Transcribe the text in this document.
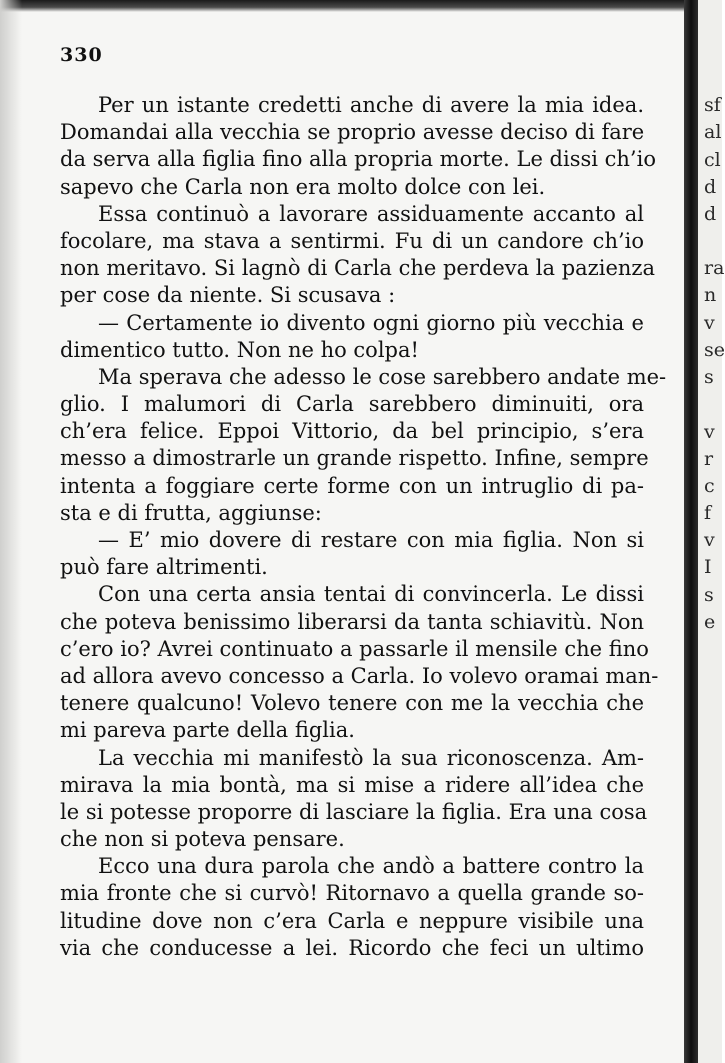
330
Per un istante credetti anche di avere la mia idea.
Domandai alla vecchia se proprio avesse deciso di fare
da serva alla figlia fino alla propria morte. Le dissi ch’io
sapevo che Carla non era molto dolce con lei.
Essa continuò a lavorare assiduamente accanto al
focolare, ma stava a sentirmi. Fu di un candore ch’io
non meritavo. Si lagnò di Carla che perdeva la pazienza
per cose da niente. Si scusava :
— Certamente io divento ogni giorno più vecchia e
dimentico tutto. Non ne ho colpa!
Ma sperava che adesso le cose sarebbero andate me-
glio. I malumori di Carla sarebbero diminuiti, ora
ch’era felice. Eppoi Vittorio, da bel principio, s’era
messo a dimostrarle un grande rispetto. Infine, sempre
intenta a foggiare certe forme con un intruglio di pa-
sta e di frutta, aggiunse:
— E’ mio dovere di restare con mia figlia. Non si
può fare altrimenti.
Con una certa ansia tentai di convincerla. Le dissi
che poteva benissimo liberarsi da tanta schiavitù. Non
c’ero io? Avrei continuato a passarle il mensile che fino
ad allora avevo concesso a Carla. Io volevo oramai man-
tenere qualcuno! Volevo tenere con me la vecchia che
mi pareva parte della figlia.
La vecchia mi manifestò la sua riconoscenza. Am-
mirava la mia bontà, ma si mise a ridere all’idea che
le si potesse proporre di lasciare la figlia. Era una cosa
che non si poteva pensare.
Ecco una dura parola che andò a battere contro la
mia fronte che si curvò! Ritornavo a quella grande so-
litudine dove non c’era Carla e neppure visibile una
via che conducesse a lei. Ricordo che feci un ultimo
sf
al
cl
d
d
ra
n
v
se
s
v
r
c
f
v
I
s
e
